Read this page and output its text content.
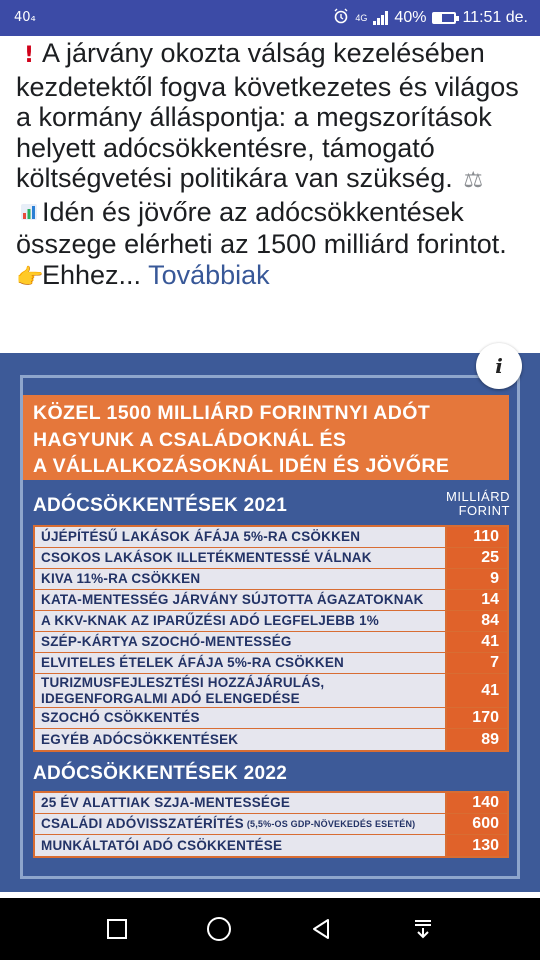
40₄	4G 40% 11:51 de.

! A járvány okozta válság kezelésében kezdetektől fogva következetes és világos a kormány álláspontja: a megszorítások helyett adócsökkentésre, támogató költségvetési politikára van szükség. ⚖

Idén és jövőre az adócsökkentések összege elérheti az 1500 milliárd forintot.

👉Ehhez... Továbbiak

i
KÖZEL 1500 MILLIÁRD FORINTNYI ADÓT
HAGYUNK A CSALÁDOKNÁL ÉS
A VÁLLALKOZÁSOKNÁL IDÉN ÉS JÖVŐRE
ADÓCSÖKKENTÉSEK 2021	MILLIÁRD
FORINT
ÚJÉPÍTÉSŰ LAKÁSOK ÁFÁJA 5%-RA CSÖKKEN	110
CSOKOS LAKÁSOK ILLETÉKMENTESSÉ VÁLNAK	25
KIVA 11%-RA CSÖKKEN	9
KATA-MENTESSÉG JÁRVÁNY SÚJTOTTA ÁGAZATOKNAK	14
A KKV-KNAK AZ IPARŰZÉSI ADÓ LEGFELJEBB 1%	84
SZÉP-KÁRTYA SZOCHÓ-MENTESSÉG	41
ELVITELES ÉTELEK ÁFÁJA 5%-RA CSÖKKEN	7
TURIZMUSFEJLESZTÉSI HOZZÁJÁRULÁS, IDEGENFORGALMI ADÓ ELENGEDÉSE	41
SZOCHÓ CSÖKKENTÉS	170
EGYÉB ADÓCSÖKKENTÉSEK	89
ADÓCSÖKKENTÉSEK 2022
25 ÉV ALATTIAK SZJA-MENTESSÉGE	140
CSALÁDI ADÓVISSZATÉRÍTÉS (5,5%-OS GDP-NÖVEKEDÉS ESETÉN)	600
MUNKÁLTATÓI ADÓ CSÖKKENTÉSE	130
